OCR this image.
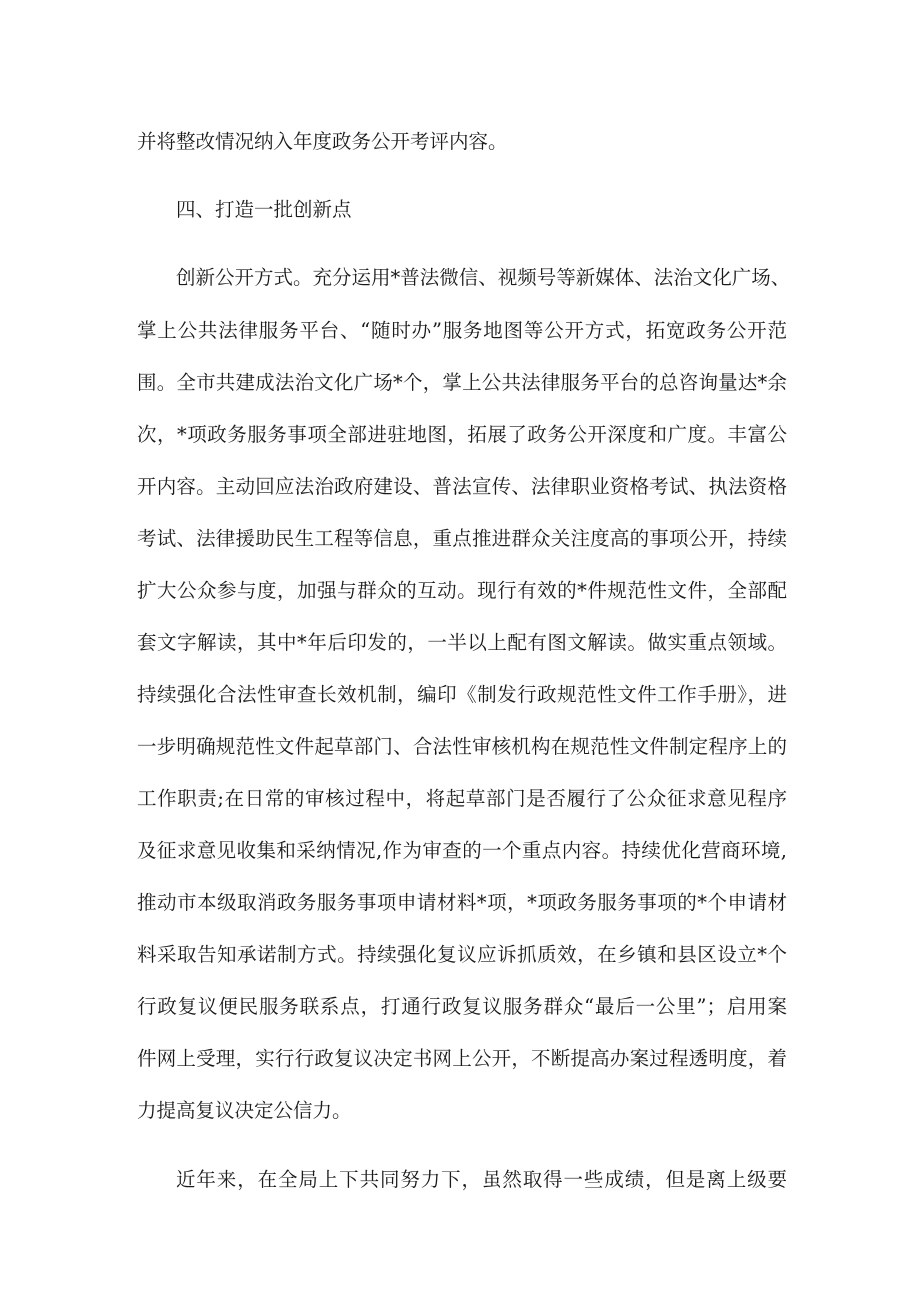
并将整改情况纳入年度政务公开考评内容。
四、打造一批创新点
创新公开方式。充分运用*普法微信、视频号等新媒体、法治文化广场、
掌上公共法律服务平台、“随时办”服务地图等公开方式，拓宽政务公开范
围。全市共建成法治文化广场*个，掌上公共法律服务平台的总咨询量达*余
次，*项政务服务事项全部进驻地图，拓展了政务公开深度和广度。丰富公
开内容。主动回应法治政府建设、普法宣传、法律职业资格考试、执法资格
考试、法律援助民生工程等信息，重点推进群众关注度高的事项公开，持续
扩大公众参与度，加强与群众的互动。现行有效的*件规范性文件，全部配
套文字解读，其中*年后印发的，一半以上配有图文解读。做实重点领域。
持续强化合法性审查长效机制，编印《制发行政规范性文件工作手册》，进
一步明确规范性文件起草部门、合法性审核机构在规范性文件制定程序上的
工作职责;在日常的审核过程中，将起草部门是否履行了公众征求意见程序
及征求意见收集和采纳情况,作为审查的一个重点内容。持续优化营商环境,
推动市本级取消政务服务事项申请材料*项，*项政务服务事项的*个申请材
料采取告知承诺制方式。持续强化复议应诉抓质效，在乡镇和县区设立*个
行政复议便民服务联系点，打通行政复议服务群众“最后一公里”；启用案
件网上受理，实行行政复议决定书网上公开，不断提高办案过程透明度，着
力提高复议决定公信力。
近年来，在全局上下共同努力下，虽然取得一些成绩，但是离上级要
